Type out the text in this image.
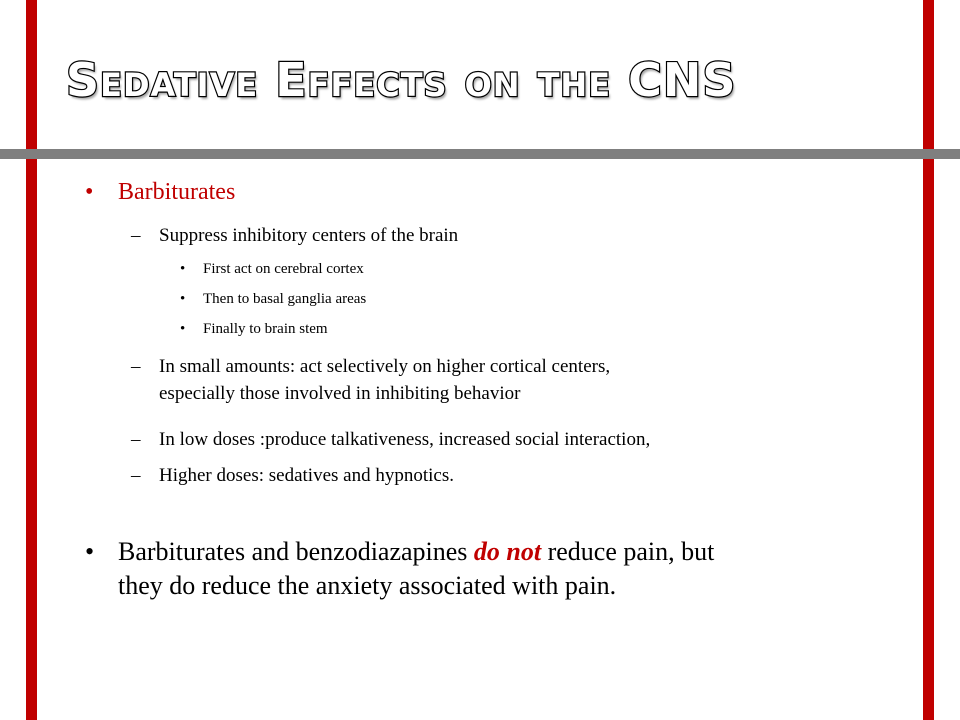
Sedative Effects on the CNS
• Barbiturates
– Suppress inhibitory centers of the brain
• First act on cerebral cortex
• Then to basal ganglia areas
• Finally to brain stem
– In small amounts: act selectively on higher cortical centers,
especially those involved in inhibiting behavior
– In low doses :produce talkativeness, increased social interaction,
– Higher doses: sedatives and hypnotics.
• Barbiturates and benzodiazapines do not reduce pain, but
they do reduce the anxiety associated with pain.
